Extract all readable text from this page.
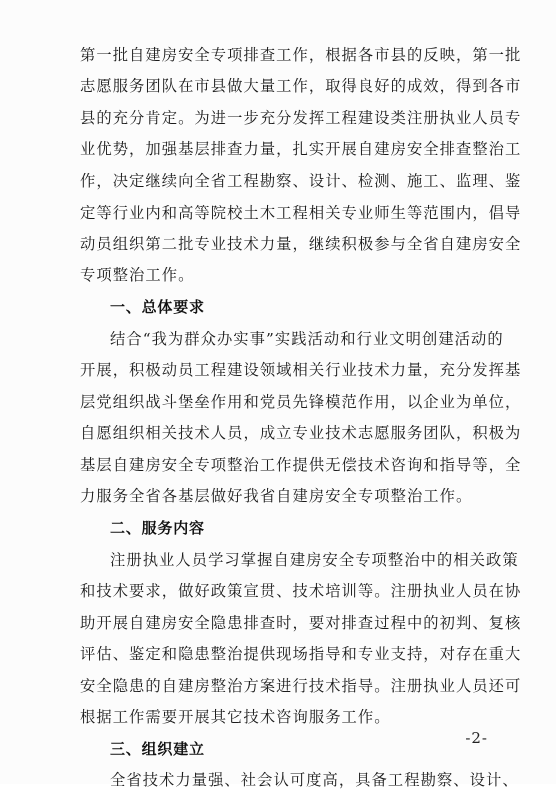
第一批自建房安全专项排查工作，根据各市县的反映，第一批
志愿服务团队在市县做大量工作，取得良好的成效，得到各市
县的充分肯定。为进一步充分发挥工程建设类注册执业人员专
业优势，加强基层排查力量，扎实开展自建房安全排查整治工
作，决定继续向全省工程勘察、设计、检测、施工、监理、鉴
定等行业内和高等院校土木工程相关专业师生等范围内，倡导
动员组织第二批专业技术力量，继续积极参与全省自建房安全
专项整治工作。
一、总体要求
结合“我为群众办实事”实践活动和行业文明创建活动的
开展，积极动员工程建设领域相关行业技术力量，充分发挥基
层党组织战斗堡垒作用和党员先锋模范作用，以企业为单位，
自愿组织相关技术人员，成立专业技术志愿服务团队，积极为
基层自建房安全专项整治工作提供无偿技术咨询和指导等，全
力服务全省各基层做好我省自建房安全专项整治工作。
二、服务内容
注册执业人员学习掌握自建房安全专项整治中的相关政策
和技术要求，做好政策宣贯、技术培训等。注册执业人员在协
助开展自建房安全隐患排查时，要对排查过程中的初判、复核
评估、鉴定和隐患整治提供现场指导和专业支持，对存在重大
安全隐患的自建房整治方案进行技术指导。注册执业人员还可
根据工作需要开展其它技术咨询服务工作。
三、组织建立
全省技术力量强、社会认可度高，具备工程勘察、设计、
-2-
